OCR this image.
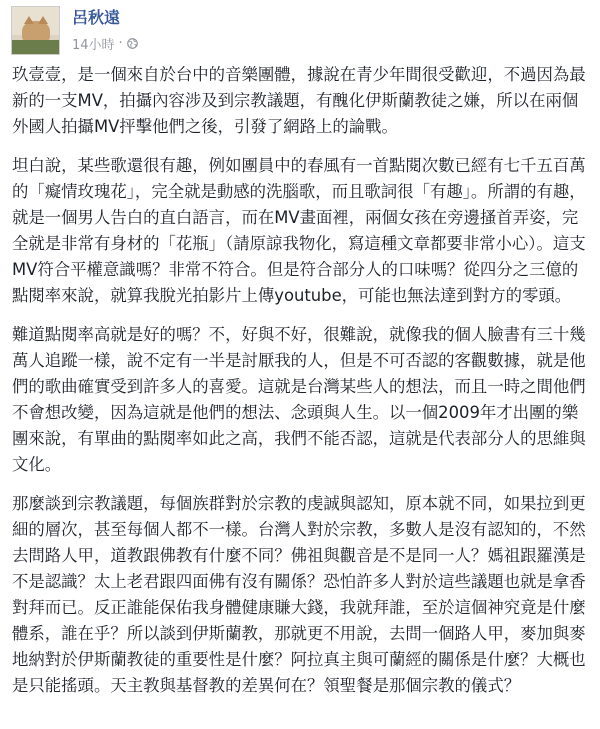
呂秋遠
14小時 ·

玖壹壹，是一個來自於台中的音樂團體，據說在青少年間很受歡迎，不過因為最新的一支MV，拍攝內容涉及到宗教議題，有醜化伊斯蘭教徒之嫌，所以在兩個外國人拍攝MV抨擊他們之後，引發了網路上的論戰。

坦白說，某些歌還很有趣，例如團員中的春風有一首點閱次數已經有七千五百萬的「癡情玫瑰花」，完全就是動感的洗腦歌，而且歌詞很「有趣」。所謂的有趣，就是一個男人告白的直白語言，而在MV畫面裡，兩個女孩在旁邊搔首弄姿，完全就是非常有身材的「花瓶」（請原諒我物化，寫這種文章都要非常小心）。這支MV符合平權意識嗎？非常不符合。但是符合部分人的口味嗎？從四分之三億的點閱率來說，就算我脫光拍影片上傳youtube，可能也無法達到對方的零頭。

難道點閱率高就是好的嗎？不，好與不好，很難說，就像我的個人臉書有三十幾萬人追蹤一樣，說不定有一半是討厭我的人，但是不可否認的客觀數據，就是他們的歌曲確實受到許多人的喜愛。這就是台灣某些人的想法，而且一時之間他們不會想改變，因為這就是他們的想法、念頭與人生。以一個2009年才出團的樂團來說，有單曲的點閱率如此之高，我們不能否認，這就是代表部分人的思維與文化。

那麼談到宗教議題，每個族群對於宗教的虔誠與認知，原本就不同，如果拉到更細的層次，甚至每個人都不一樣。台灣人對於宗教，多數人是沒有認知的，不然去問路人甲，道教跟佛教有什麼不同？佛祖與觀音是不是同一人？媽祖跟羅漢是不是認識？太上老君跟四面佛有沒有關係？恐怕許多人對於這些議題也就是拿香對拜而已。反正誰能保佑我身體健康賺大錢，我就拜誰，至於這個神究竟是什麼體系，誰在乎？所以談到伊斯蘭教，那就更不用說，去問一個路人甲，麥加與麥地納對於伊斯蘭教徒的重要性是什麼？阿拉真主與可蘭經的關係是什麼？大概也是只能搖頭。天主教與基督教的差異何在？領聖餐是那個宗教的儀式？
